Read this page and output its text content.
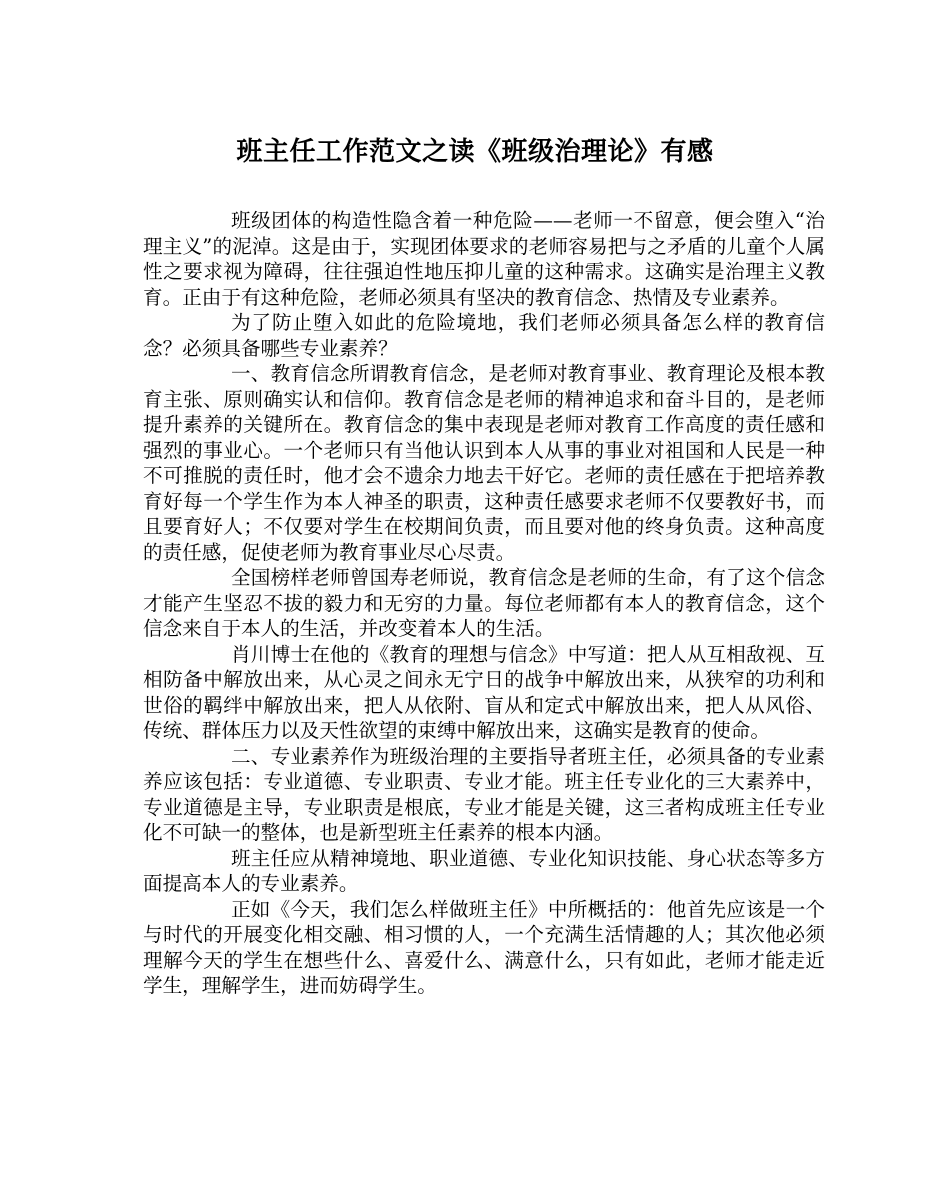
班主任工作范文之读《班级治理论》有感

班级团体的构造性隐含着一种危险——老师一不留意，便会堕入“治理主义”的泥淖。这是由于，实现团体要求的老师容易把与之矛盾的儿童个人属性之要求视为障碍，往往强迫性地压抑儿童的这种需求。这确实是治理主义教育。正由于有这种危险，老师必须具有坚决的教育信念、热情及专业素养。

为了防止堕入如此的危险境地，我们老师必须具备怎么样的教育信念？必须具备哪些专业素养？

一、教育信念所谓教育信念，是老师对教育事业、教育理论及根本教育主张、原则确实认和信仰。教育信念是老师的精神追求和奋斗目的，是老师提升素养的关键所在。教育信念的集中表现是老师对教育工作高度的责任感和强烈的事业心。一个老师只有当他认识到本人从事的事业对祖国和人民是一种不可推脱的责任时，他才会不遗余力地去干好它。老师的责任感在于把培养教育好每一个学生作为本人神圣的职责，这种责任感要求老师不仅要教好书，而且要育好人；不仅要对学生在校期间负责，而且要对他的终身负责。这种高度的责任感，促使老师为教育事业尽心尽责。

全国榜样老师曾国寿老师说，教育信念是老师的生命，有了这个信念才能产生坚忍不拔的毅力和无穷的力量。每位老师都有本人的教育信念，这个信念来自于本人的生活，并改变着本人的生活。

肖川博士在他的《教育的理想与信念》中写道：把人从互相敌视、互相防备中解放出来，从心灵之间永无宁日的战争中解放出来，从狭窄的功利和世俗的羁绊中解放出来，把人从依附、盲从和定式中解放出来，把人从风俗、传统、群体压力以及天性欲望的束缚中解放出来，这确实是教育的使命。

二、专业素养作为班级治理的主要指导者班主任，必须具备的专业素养应该包括：专业道德、专业职责、专业才能。班主任专业化的三大素养中，专业道德是主导，专业职责是根底，专业才能是关键，这三者构成班主任专业化不可缺一的整体，也是新型班主任素养的根本内涵。

班主任应从精神境地、职业道德、专业化知识技能、身心状态等多方面提高本人的专业素养。

正如《今天，我们怎么样做班主任》中所概括的：他首先应该是一个与时代的开展变化相交融、相习惯的人，一个充满生活情趣的人；其次他必须理解今天的学生在想些什么、喜爱什么、满意什么，只有如此，老师才能走近学生，理解学生，进而妨碍学生。
